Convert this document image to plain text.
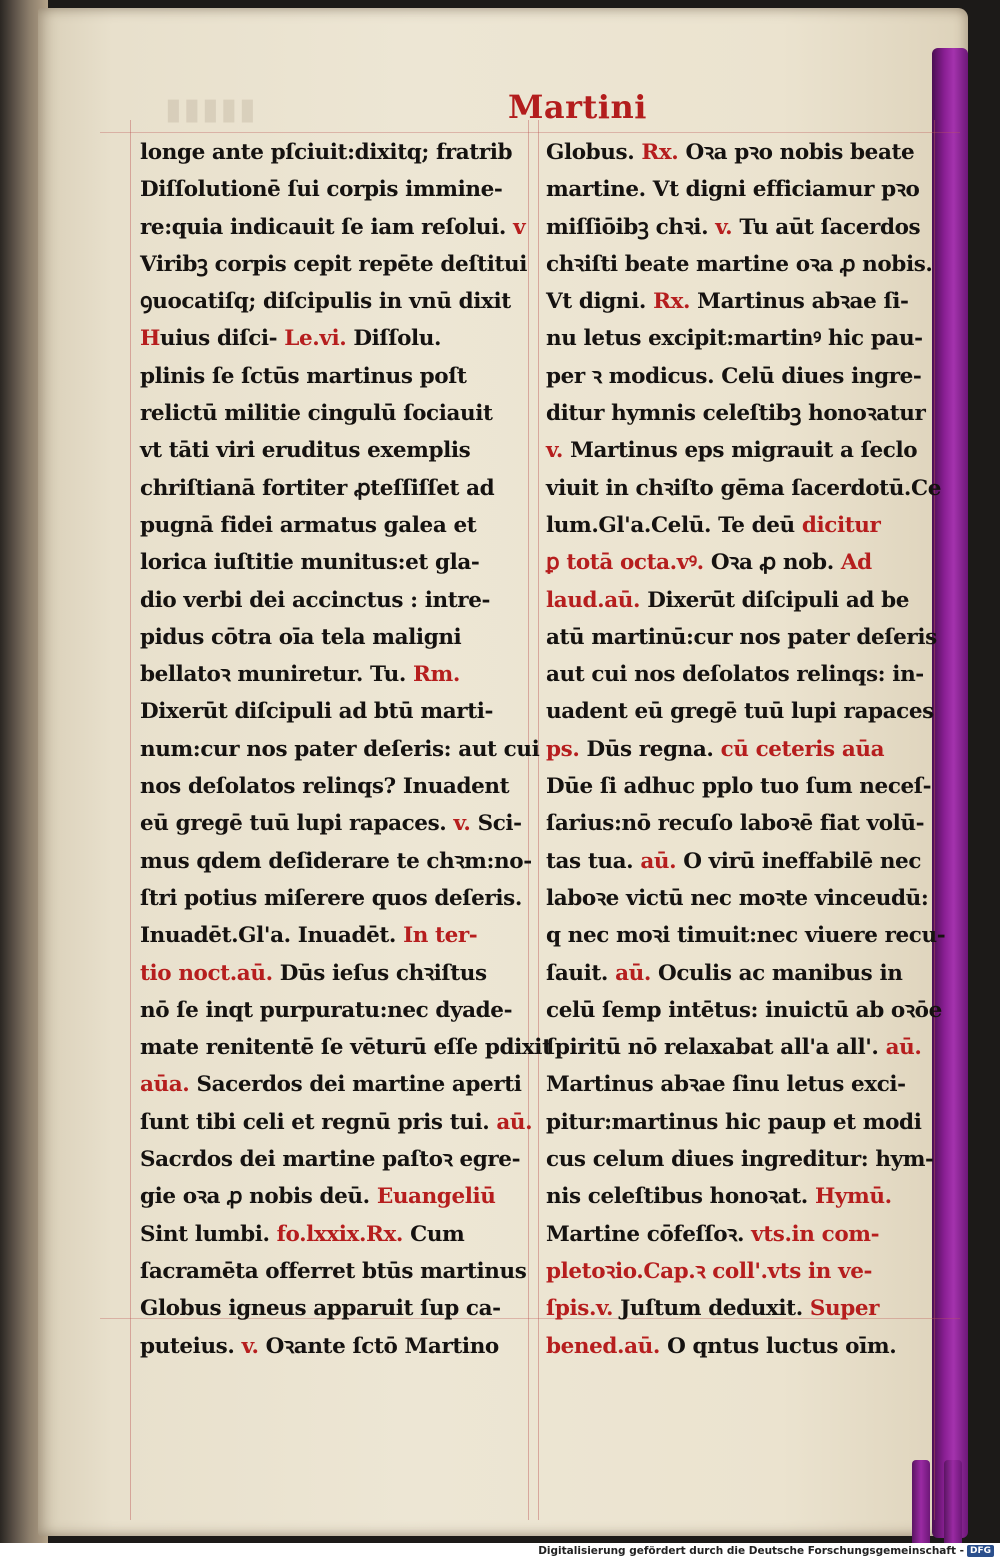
▮▮▮▮▮	Martini
longe ante pſciuit:dixitq; fratrib
Diſſolutionē ſui corpis immine-
re:quia indicauit ſe iam reſolui. v
Viribꝫ corpis cepit repēte deſtitui
ꝯuocatiſq; diſcipulis in vnū dixit
Huius diſci- Le.vi. Diſſolu.
plinis ſe ſctūs martinus poſt
relictū militie cingulū ſociauit
vt tāti viri eruditus exemplis
chriſtianā fortiter ꝓteſſiſſet ad
pugnā fidei armatus galea et
lorica iuſtitie munitus:et gla-
dio verbi dei accinctus : intre-
pidus cōtra oīa tela maligni
bellatoꝛ muniretur. Tu. Rm.
Dixerūt diſcipuli ad btū marti-
num:cur nos pater deſeris: aut cui
nos deſolatos relinqs? Inuadent
eū gregē tuū lupi rapaces. v. Sci-
mus qdem deſiderare te chꝛm:no-
ſtri potius miſerere quos deſeris.
Inuadēt.Gl'a. Inuadēt. In ter-
tio noct.aū. Dūs ieſus chꝛiſtus
nō ſe inqt purpuratu:nec dyade-
mate renitentē ſe vēturū eſſe pdixit
aūa. Sacerdos dei martine aperti
ſunt tibi celi et regnū pris tui. aū.
Sacrdos dei martine paſtoꝛ egre-
gie oꝛa ꝓ nobis deū. Euangeliū
Sint lumbi. fo.lxxix.Rx. Cum
ſacramēta offerret btūs martinus
Globus igneus apparuit ſup ca-
puteius. v. Oꝛante ſctō Martino
Globus. Rx. Oꝛa pꝛo nobis beate
martine. Vt digni efficiamur pꝛo
miſſiōibꝫ chꝛi. v. Tu aūt ſacerdos
chꝛiſti beate martine oꝛa ꝓ nobis.
Vt digni. Rx. Martinus abꝛae ſi-
nu letus excipit:martinꝰ hic pau-
per ꝛ modicus. Celū diues ingre-
ditur hymnis celeſtibꝫ honoꝛatur
v. Martinus eps migrauit a ſeclo
viuit in chꝛiſto gēma ſacerdotū.Ce
lum.Gl'a.Celū. Te deū dicitur
ꝑ totā octa.vꝰ. Oꝛa ꝓ nob. Ad
laud.aū. Dixerūt diſcipuli ad be
atū martinū:cur nos pater deſeris
aut cui nos deſolatos relinqs: in-
uadent eū gregē tuū lupi rapaces
ps. Dūs regna. cū ceteris aūa
Dūe ſi adhuc pplo tuo ſum neceſ-
ſarius:nō recuſo laboꝛē fiat volū-
tas tua. aū. O virū ineffabilē nec
laboꝛe victū nec moꝛte vinceudū:
q nec moꝛi timuit:nec viuere recu-
ſauit. aū. Oculis ac manibus in
celū ſemp intētus: inuictū ab oꝛōe
ſpiritū nō relaxabat all'a all'. aū.
Martinus abꝛae ſinu letus exci-
pitur:martinus hic paup et modi
cus celum diues ingreditur: hym-
nis celeſtibus honoꝛat. Hymū.
Martine cōfeſſoꝛ. vts.in com-
pletoꝛio.Cap.ꝛ coll'.vts in ve-
ſpis.v. Juſtum deduxit. Super
bened.aū. O qntus luctus oīm.
Digitalisierung gefördert durch die Deutsche Forschungsgemeinschaft - DFG
